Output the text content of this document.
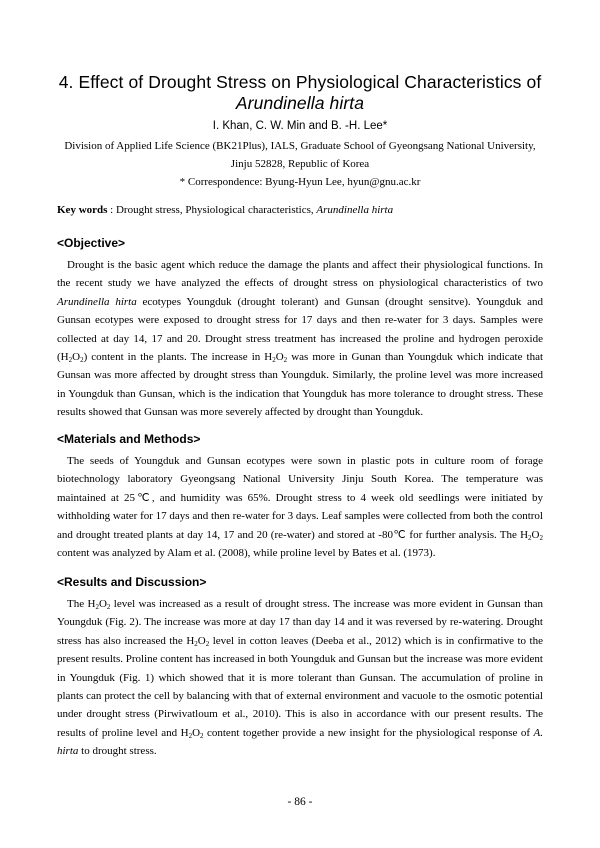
4. Effect of Drought Stress on Physiological Characteristics of
Arundinella hirta
I. Khan, C. W. Min and B. -H. Lee*
Division of Applied Life Science (BK21Plus), IALS, Graduate School of Gyeongsang National University,
Jinju 52828, Republic of Korea
* Correspondence: Byung-Hyun Lee, hyun@gnu.ac.kr
Key words : Drought stress, Physiological characteristics, Arundinella hirta
<Objective>

Drought is the basic agent which reduce the damage the plants and affect their physiological functions. In the recent study we have analyzed the effects of drought stress on physiological characteristics of two Arundinella hirta ecotypes Youngduk (drought tolerant) and Gunsan (drought sensitve). Youngduk and Gunsan ecotypes were exposed to drought stress for 17 days and then re-water for 3 days. Samples were collected at day 14, 17 and 20. Drought stress treatment has increased the proline and hydrogen peroxide $(H_2O_2)$ content in the plants. The increase in $H_2O_2$ was more in Gunan than Youngduk which indicate that Gunsan was more affected by drought stress than Youngduk. Similarly, the proline level was more increased in Youngduk than Gunsan, which is the indication that Youngduk has more tolerance to drought stress. These results showed that Gunsan was more severely affected by drought than Youngduk.

<Materials and Methods>

The seeds of Youngduk and Gunsan ecotypes were sown in plastic pots in culture room of forage biotechnology laboratory Gyeongsang National University Jinju South Korea. The temperature was maintained at 25℃, and humidity was 65%. Drought stress to 4 week old seedlings were initiated by withholding water for 17 days and then re-water for 3 days. Leaf samples were collected from both the control and drought treated plants at day 14, 17 and 20 (re-water) and stored at -80℃ for further analysis. The $H_2O_2$ content was analyzed by Alam et al. (2008), while proline level by Bates et al. (1973).

<Results and Discussion>

The $H_2O_2$ level was increased as a result of drought stress. The increase was more evident in Gunsan than Youngduk (Fig. 2). The increase was more at day 17 than day 14 and it was reversed by re-watering. Drought stress has also increased the $H_2O_2$ level in cotton leaves (Deeba et al., 2012) which is in confirmative to the present results. Proline content has increased in both Youngduk and Gunsan but the increase was more evident in Youngduk (Fig. 1) which showed that it is more tolerant than Gunsan. The accumulation of proline in plants can protect the cell by balancing with that of external environment and vacuole to the osmotic potential under drought stress (Pirwivatloum et al., 2010). This is also in accordance with our present results. The results of proline level and $H_2O_2$ content together provide a new insight for the physiological response of A. hirta to drought stress.

- 86 -
